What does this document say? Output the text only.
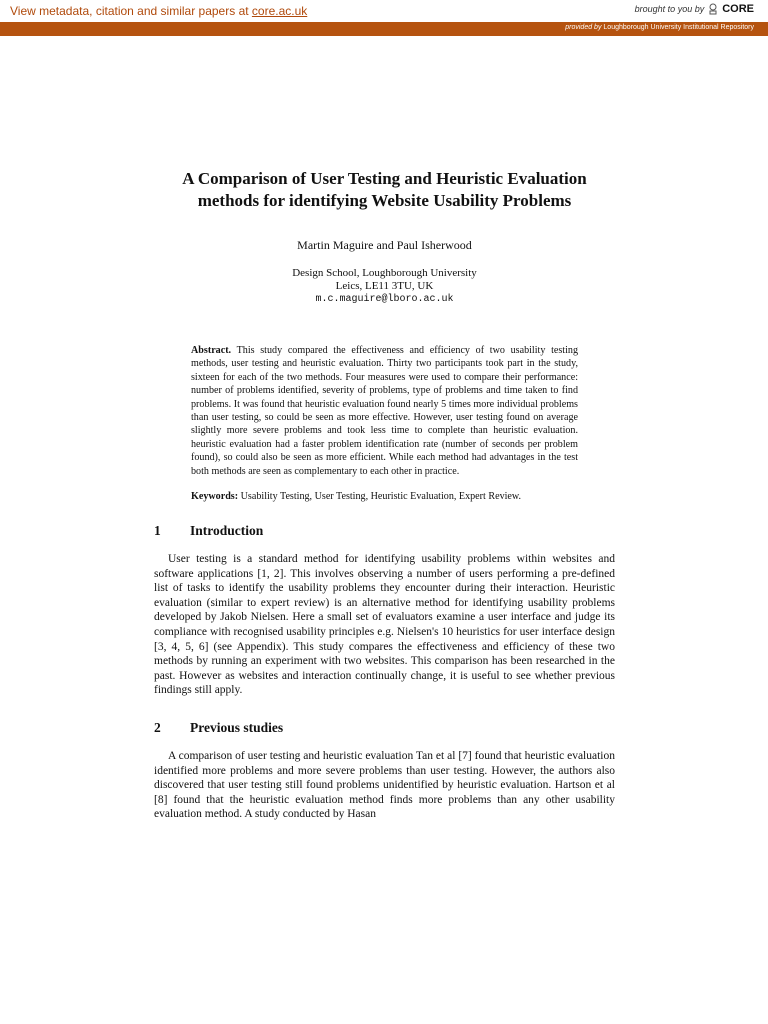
View metadata, citation and similar papers at core.ac.uk	brought to you by CORE
provided by Loughborough University Institutional Repository
A Comparison of User Testing and Heuristic Evaluation methods for identifying Website Usability Problems
Martin Maguire and Paul Isherwood
Design School, Loughborough University
Leics, LE11 3TU, UK
m.c.maguire@lboro.ac.uk
Abstract. This study compared the effectiveness and efficiency of two usability testing methods, user testing and heuristic evaluation. Thirty two participants took part in the study, sixteen for each of the two methods. Four measures were used to compare their performance: number of problems identified, severity of problems, type of problems and time taken to find problems. It was found that heuristic evaluation found nearly 5 times more individual problems than user testing, so could be seen as more effective. However, user testing found on average slightly more severe problems and took less time to complete than heuristic evaluation. heuristic evaluation had a faster problem identification rate (number of seconds per problem found), so could also be seen as more efficient. While each method had advantages in the test both methods are seen as complementary to each other in practice.
Keywords: Usability Testing, User Testing, Heuristic Evaluation, Expert Review.
1	Introduction

User testing is a standard method for identifying usability problems within websites and software applications [1, 2]. This involves observing a number of users performing a pre-defined list of tasks to identify the usability problems they encounter during their interaction. Heuristic evaluation (similar to expert review) is an alternative method for identifying usability problems developed by Jakob Nielsen. Here a small set of evaluators examine a user interface and judge its compliance with recognised usability principles e.g. Nielsen's 10 heuristics for user interface design [3, 4, 5, 6] (see Appendix). This study compares the effectiveness and efficiency of these two methods by running an experiment with two websites. This comparison has been researched in the past. However as websites and interaction continually change, it is useful to see whether previous findings still apply.

2	Previous studies

A comparison of user testing and heuristic evaluation Tan et al [7] found that heuristic evaluation identified more problems and more severe problems than user testing. However, the authors also discovered that user testing still found problems unidentified by heuristic evaluation. Hartson et al [8] found that the heuristic evaluation method finds more problems than any other usability evaluation method. A study conducted by Hasan
